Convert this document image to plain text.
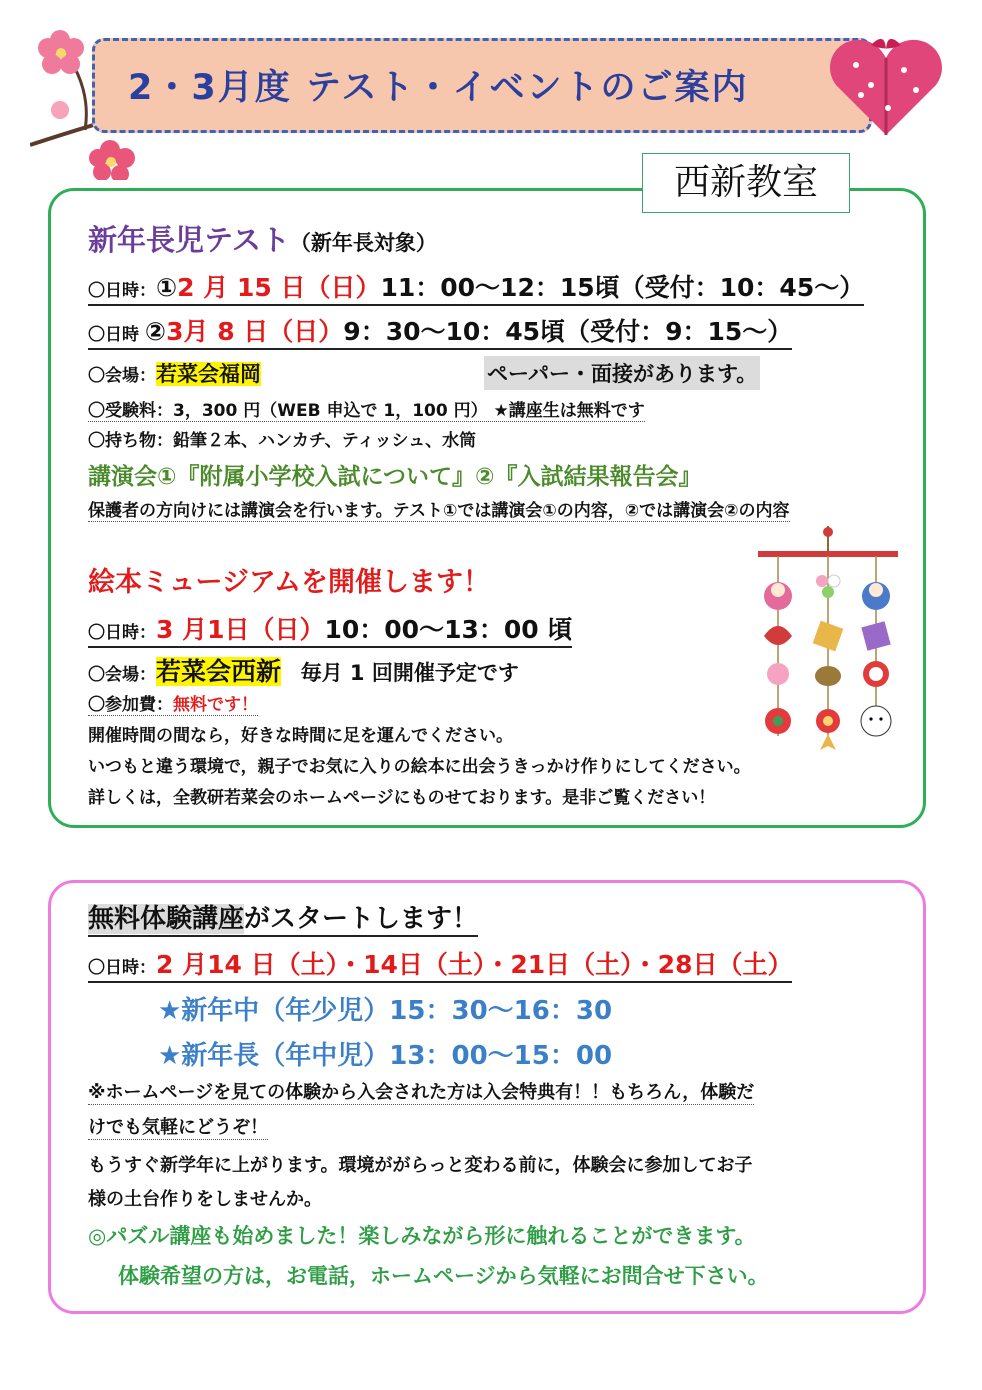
2・3月度 テスト・イベントのご案内
西新教室
新年長児テスト（新年長対象）
〇日時：①2 月 15 日（日）11：00～12：15頃（受付：10：45～）
〇日時 ②3月 8 日（日）9：30～10：45頃（受付：9：15～）
〇会場：若菜会福岡	ペーパー・面接があります。
〇受験料：3，300 円（WEB 申込で 1，100 円） ★講座生は無料です
〇持ち物：鉛筆２本、ハンカチ、ティッシュ、水筒
講演会①『附属小学校入試について』②『入試結果報告会』
保護者の方向けには講演会を行います。テスト①では講演会①の内容，②では講演会②の内容
絵本ミュージアムを開催します！
〇日時：3 月1日（日）10：00～13：00 頃
〇会場：若菜会西新 毎月 1 回開催予定です
〇参加費：無料です！
開催時間の間なら，好きな時間に足を運んでください。
いつもと違う環境で，親子でお気に入りの絵本に出会うきっかけ作りにしてください。
詳しくは，全教研若菜会のホームページにものせております。是非ご覧ください！
無料体験講座がスタートします！
〇日時：2 月14 日（土）・14日（土）・21日（土）・28日（土）
★新年中（年少児）15：30～16：30
★新年長（年中児）13：00～15：00
※ホームページを見ての体験から入会された方は入会特典有！！もちろん，体験だ
けでも気軽にどうぞ！
もうすぐ新学年に上がります。環境ががらっと変わる前に，体験会に参加してお子
様の土台作りをしませんか。
◎パズル講座も始めました！楽しみながら形に触れることができます。
体験希望の方は，お電話，ホームページから気軽にお問合せ下さい。
